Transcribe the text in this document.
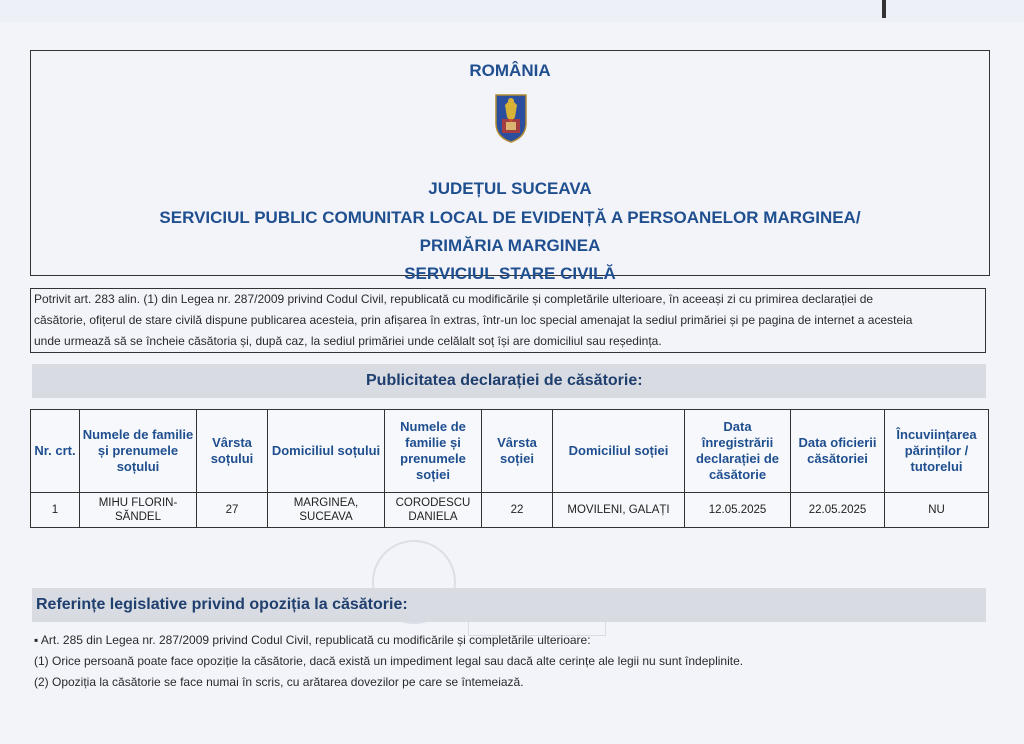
ROMÂNIA
JUDEȚUL SUCEAVA
SERVICIUL PUBLIC COMUNITAR LOCAL DE EVIDENȚĂ A PERSOANELOR MARGINEA/
PRIMĂRIA MARGINEA
SERVICIUL STARE CIVILĂ
Potrivit art. 283 alin. (1) din Legea nr. 287/2009 privind Codul Civil, republicată cu modificările și completările ulterioare, în aceeași zi cu primirea declarației de
căsătorie, ofițerul de stare civilă dispune publicarea acesteia, prin afișarea în extras, într-un loc special amenajat la sediul primăriei și pe pagina de internet a acesteia
unde urmează să se încheie căsătoria și, după caz, la sediul primăriei unde celălalt soț își are domiciliul sau reședința.
Publicitatea declarației de căsătorie:
Nr. crt.	Numele de familie și prenumele soțului	Vârsta soțului	Domiciliul soțului	Numele de familie și prenumele soției	Vârsta soției	Domiciliul soției	Data înregistrării declarației de căsătorie	Data oficierii căsătoriei	Încuviințarea părinților / tutorelui
1	MIHU FLORIN-SĂNDEL	27	MARGINEA, SUCEAVA	CORODESCU DANIELA	22	MOVILENI, GALAȚI	12.05.2025	22.05.2025	NU
Referințe legislative privind opoziția la căsătorie:
▪ Art. 285 din Legea nr. 287/2009 privind Codul Civil, republicată cu modificările și completările ulterioare:
(1) Orice persoană poate face opoziție la căsătorie, dacă există un impediment legal sau dacă alte cerințe ale legii nu sunt îndeplinite.
(2) Opoziția la căsătorie se face numai în scris, cu arătarea dovezilor pe care se întemeiază.
